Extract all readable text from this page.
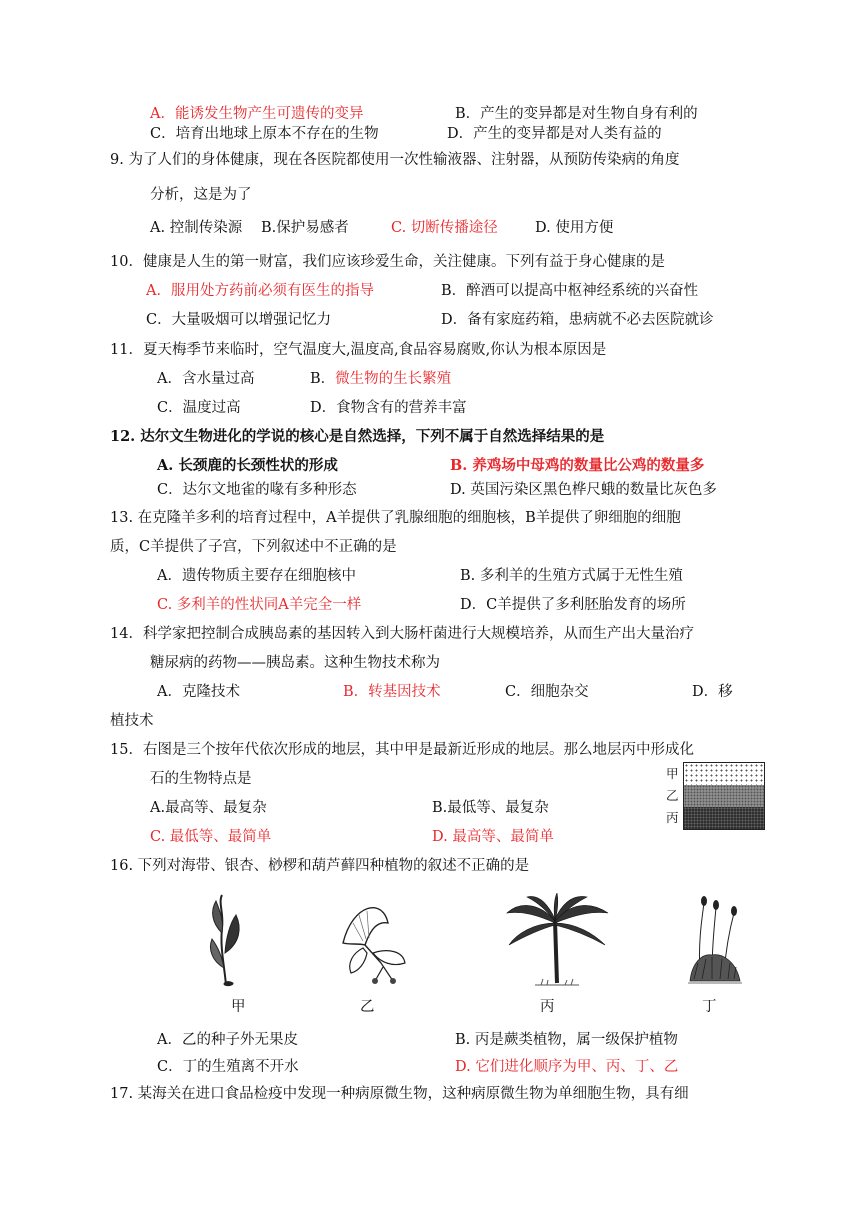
A．能诱发生物产生可遗传的变异	B．产生的变异都是对生物自身有利的
C．培育出地球上原本不存在的生物	D．产生的变异都是对人类有益的
9. 为了人们的身体健康，现在各医院都使用一次性输液器、注射器，从预防传染病的角度
分析，这是为了
A. 控制传染源 B.保护易感者	C. 切断传播途径	D. 使用方便
10．健康是人生的第一财富，我们应该珍爱生命，关注健康。下列有益于身心健康的是
A．服用处方药前必须有医生的指导	B．醉酒可以提高中枢神经系统的兴奋性
C．大量吸烟可以增强记忆力	D．备有家庭药箱，患病就不必去医院就诊
11．夏天梅季节来临时，空气温度大,温度高,食品容易腐败,你认为根本原因是
A．含水量过高	B．微生物的生长繁殖
C．温度过高	D．食物含有的营养丰富
12. 达尔文生物进化的学说的核心是自然选择，下列不属于自然选择结果的是
A. 长颈鹿的长颈性状的形成	B. 养鸡场中母鸡的数量比公鸡的数量多
C．达尔文地雀的喙有多种形态	D. 英国污染区黑色桦尺蛾的数量比灰色多
13. 在克隆羊多利的培育过程中，A羊提供了乳腺细胞的细胞核，B羊提供了卵细胞的细胞
质，C羊提供了子宫，下列叙述中不正确的是
A．遗传物质主要存在细胞核中	B. 多利羊的生殖方式属于无性生殖
C. 多利羊的性状同A羊完全一样	D．C羊提供了多利胚胎发育的场所
14．科学家把控制合成胰岛素的基因转入到大肠杆菌进行大规模培养，从而生产出大量治疗
糖尿病的药物——胰岛素。这种生物技术称为
A．克隆技术	B．转基因技术	C．细胞杂交	D．移
植技术
15．右图是三个按年代依次形成的地层，其中甲是最新近形成的地层。那么地层丙中形成化
石的生物特点是
A.最高等、最复杂	B.最低等、最复杂
C. 最低等、最简单	D. 最高等、最简单
甲
乙
丙
16. 下列对海带、银杏、桫椤和葫芦藓四种植物的叙述不正确的是
甲	乙	丙	丁
A．乙的种子外无果皮	B. 丙是蕨类植物，属一级保护植物
C．丁的生殖离不开水	D. 它们进化顺序为甲、丙、丁、乙
17. 某海关在进口食品检疫中发现一种病原微生物，这种病原微生物为单细胞生物，具有细
